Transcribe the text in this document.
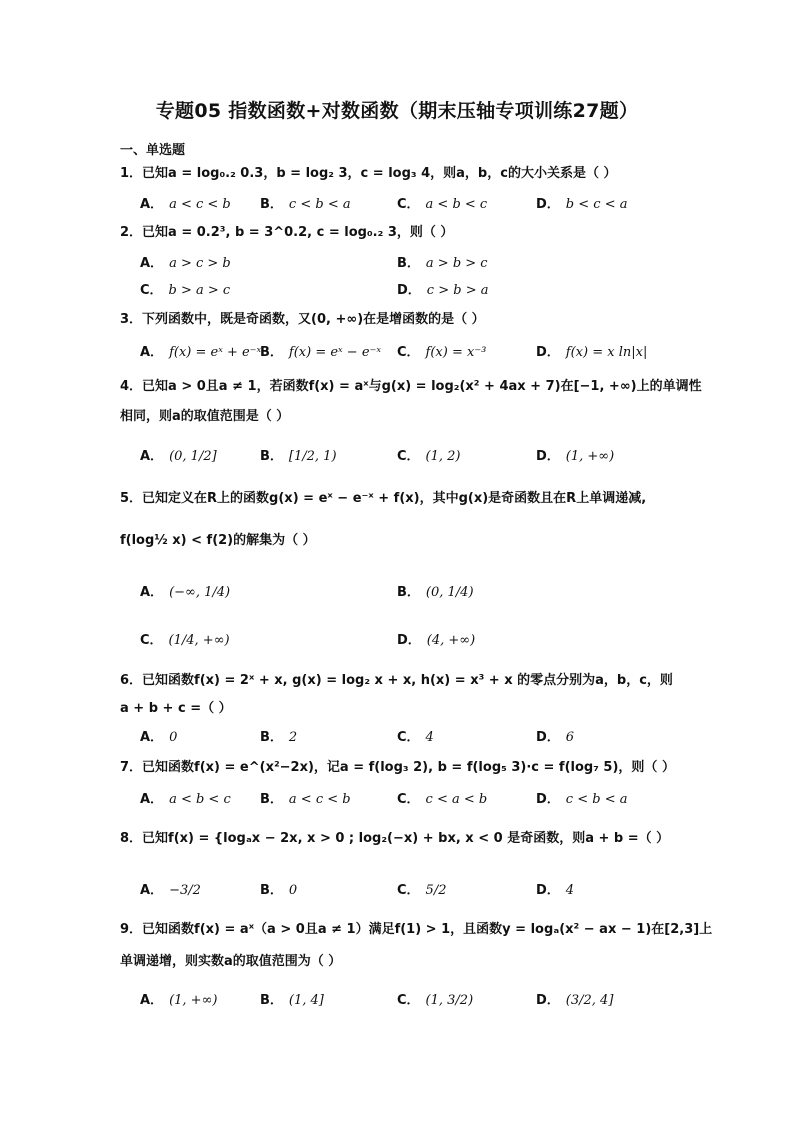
专题05 指数函数+对数函数（期末压轴专项训练27题）
一、单选题
1．已知a = log₀.₂ 0.3，b = log₂ 3，c = log₃ 4，则a，b，c的大小关系是（ ）
A． a < c < b B． c < b < a	C． a < b < c	D． b < c < a
2．已知a = 0.2³, b = 3^0.2, c = log₀.₂ 3，则（ ）
A． a > c > b	B． a > b > c
C． b > a > c	D． c > b > a
3．下列函数中，既是奇函数，又(0, +∞)在是增函数的是（ ）
A． f(x) = eˣ + e⁻ˣ
B． f(x) = eˣ − e⁻ˣ C． f(x) = x⁻³	D． f(x) = x ln|x|
4．已知a > 0且a ≠ 1，若函数f(x) = aˣ与g(x) = log₂(x² + 4ax + 7)在[−1, +∞)上的单调性
相同，则a的取值范围是（ ）
A． (0, 1/2]	B． [1/2, 1)	C． (1, 2)	D． (1, +∞)
5．已知定义在R上的函数g(x) = eˣ − e⁻ˣ + f(x)，其中g(x)是奇函数且在R上单调递减,
f(log½ x) < f(2)的解集为（ ）
A． (−∞, 1/4)	B． (0, 1/4)
C． (1/4, +∞)	D． (4, +∞)
6．已知函数f(x) = 2ˣ + x, g(x) = log₂ x + x, h(x) = x³ + x 的零点分别为a，b，c，则
a + b + c =（ ）
A． 0	B． 2	C． 4	D． 6
7．已知函数f(x) = e^(x²−2x)，记a = f(log₃ 2), b = f(log₅ 3)·c = f(log₇ 5)，则（ ）
A． a < b < c B． a < c < b	C． c < a < b	D． c < b < a
8．已知f(x) = {logₐx − 2x, x > 0 ; log₂(−x) + bx, x < 0 是奇函数，则a + b =（ ）
A． −3/2	B． 0	C． 5/2	D． 4
9．已知函数f(x) = aˣ（a > 0且a ≠ 1）满足f(1) > 1，且函数y = logₐ(x² − ax − 1)在[2,3]上
单调递增，则实数a的取值范围为（ ）
A． (1, +∞)	B． (1, 4]	C． (1, 3/2)	D． (3/2, 4]
